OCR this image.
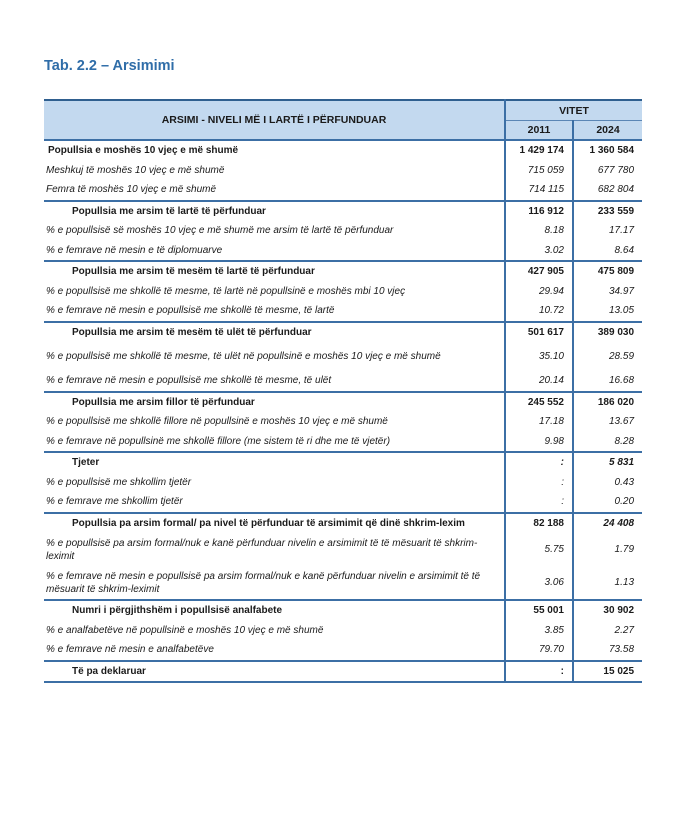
Tab. 2.2 – Arsimimi
ARSIMI - NIVELI MË I LARTË I PËRFUNDUAR	VITET	
	2011	2024
Popullsia e moshës 10 vjeç e më shumë	1 429 174	1 360 584
Meshkuj të moshës 10 vjeç e më shumë	715 059	677 780
Femra të moshës 10 vjeç e më shumë	714 115	682 804
Popullsia me arsim të lartë të përfunduar	116 912	233 559
% e popullsisë së moshës 10 vjeç e më shumë me arsim të lartë të përfunduar	8.18	17.17
% e femrave në mesin e të diplomuarve	3.02	8.64
Popullsia me arsim të mesëm të lartë të përfunduar	427 905	475 809
% e popullsisë me shkollë të mesme, të lartë në popullsinë e moshës mbi 10 vjeç	29.94	34.97
% e femrave në mesin e popullsisë me shkollë të mesme, të lartë	10.72	13.05
Popullsia me arsim të mesëm të ulët të përfunduar	501 617	389 030
% e popullsisë me shkollë të mesme, të ulët në popullsinë e moshës 10 vjeç e më shumë	35.10	28.59
% e femrave në mesin e popullsisë me shkollë të mesme, të ulët	20.14	16.68
Popullsia me arsim fillor të përfunduar	245 552	186 020
% e popullsisë me shkollë fillore në popullsinë e moshës 10 vjeç e më shumë	17.18	13.67
% e femrave në popullsinë me shkollë fillore (me sistem të ri dhe me të vjetër)	9.98	8.28
Tjeter	:	5 831
% e popullsisë me shkollim tjetër	:	0.43
% e femrave me shkollim tjetër	:	0.20
Popullsia pa arsim formal/ pa nivel të përfunduar të arsimimit që dinë shkrim-lexim	82 188	24 408
% e popullsisë pa arsim formal/nuk e kanë përfunduar nivelin e arsimimit të të mësuarit të shkrim-leximit	5.75	1.79
% e femrave në mesin e popullsisë pa arsim formal/nuk e kanë përfunduar nivelin e arsimimit të të mësuarit të shkrim-leximit	3.06	1.13
Numri i përgjithshëm i popullsisë analfabete	55 001	30 902
% e analfabetëve në popullsinë e moshës 10 vjeç e më shumë	3.85	2.27
% e femrave në mesin e analfabetëve	79.70	73.58
Të pa deklaruar	:	15 025
